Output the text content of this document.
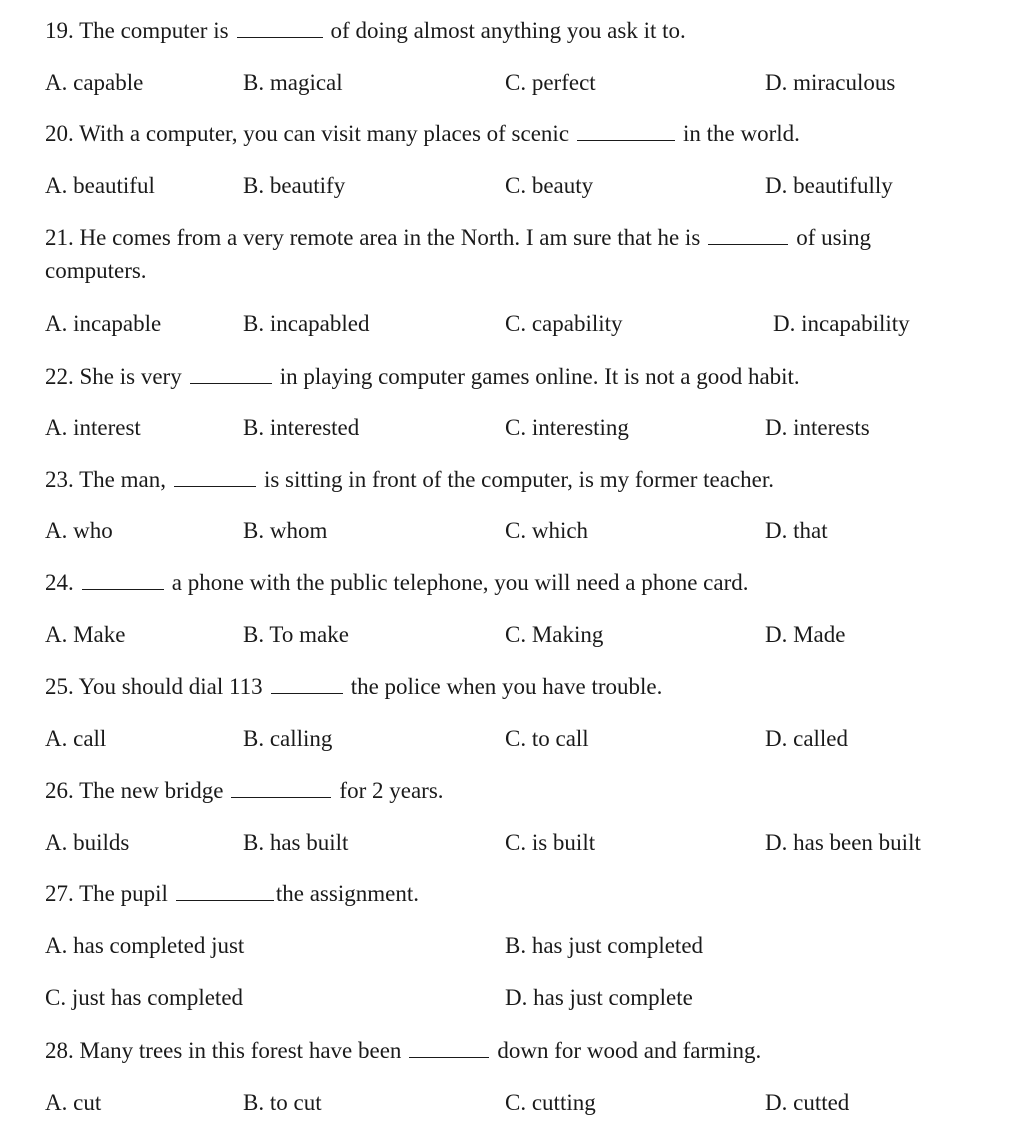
19. The computer is	of doing almost anything you ask it to.
A. capable	B. magical	C. perfect	D. miraculous
20. With a computer, you can visit many places of scenic	in the world.
A. beautiful	B. beautify	C. beauty	D. beautifully
21. He comes from a very remote area in the North. I am sure that he is	of using
computers.
A. incapable	B. incapabled	C. capability	D. incapability
22. She is very	in playing computer games online. It is not a good habit.
A. interest	B. interested	C. interesting	D. interests
23. The man,	is sitting in front of the computer, is my former teacher.
A. who	B. whom	C. which	D. that
24.	a phone with the public telephone, you will need a phone card.
A. Make	B. To make	C. Making	D. Made
25. You should dial 113	the police when you have trouble.
A. call	B. calling	C. to call	D. called
26. The new bridge	for 2 years.
A. builds	B. has built	C. is built	D. has been built
27. The pupil	the assignment.
A. has completed just	B. has just completed
C. just has completed	D. has just complete
28. Many trees in this forest have been	down for wood and farming.
A. cut	B. to cut	C. cutting	D. cutted
